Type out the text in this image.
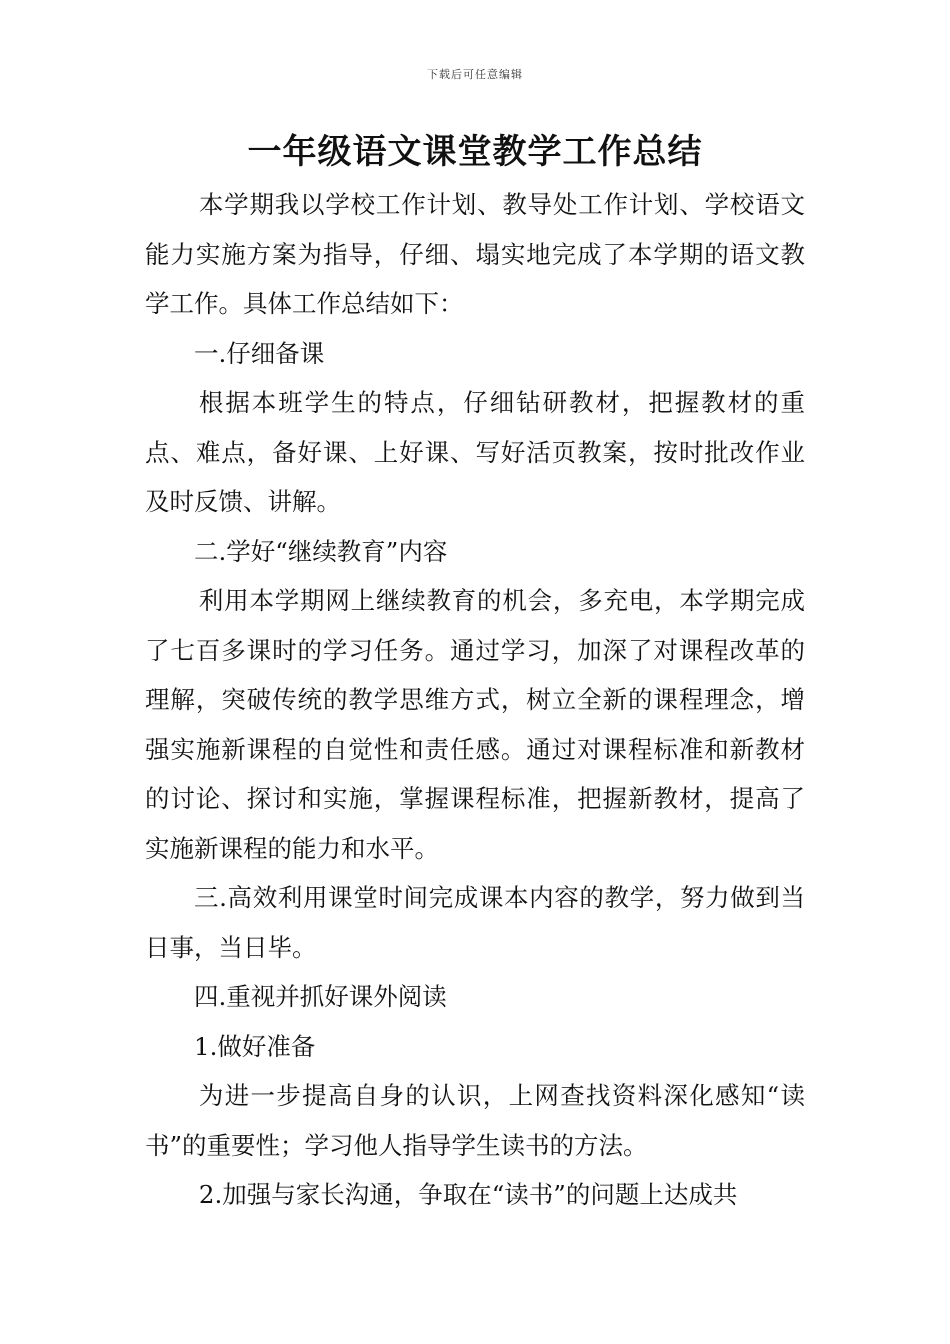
下载后可任意编辑
一年级语文课堂教学工作总结

本学期我以学校工作计划、教导处工作计划、学校语文能力实施方案为指导，仔细、塌实地完成了本学期的语文教学工作。具体工作总结如下：

一.仔细备课

根据本班学生的特点，仔细钻研教材，把握教材的重点、难点，备好课、上好课、写好活页教案，按时批改作业及时反馈、讲解。

二.学好“继续教育”内容

利用本学期网上继续教育的机会，多充电，本学期完成了七百多课时的学习任务。通过学习，加深了对课程改革的理解，突破传统的教学思维方式，树立全新的课程理念，增强实施新课程的自觉性和责任感。通过对课程标准和新教材的讨论、探讨和实施，掌握课程标准，把握新教材，提高了实施新课程的能力和水平。

三.高效利用课堂时间完成课本内容的教学，努力做到当日事，当日毕。

四.重视并抓好课外阅读

1.做好准备

为进一步提高自身的认识，上网查找资料深化感知“读书”的重要性；学习他人指导学生读书的方法。

2.加强与家长沟通，争取在“读书”的问题上达成共
